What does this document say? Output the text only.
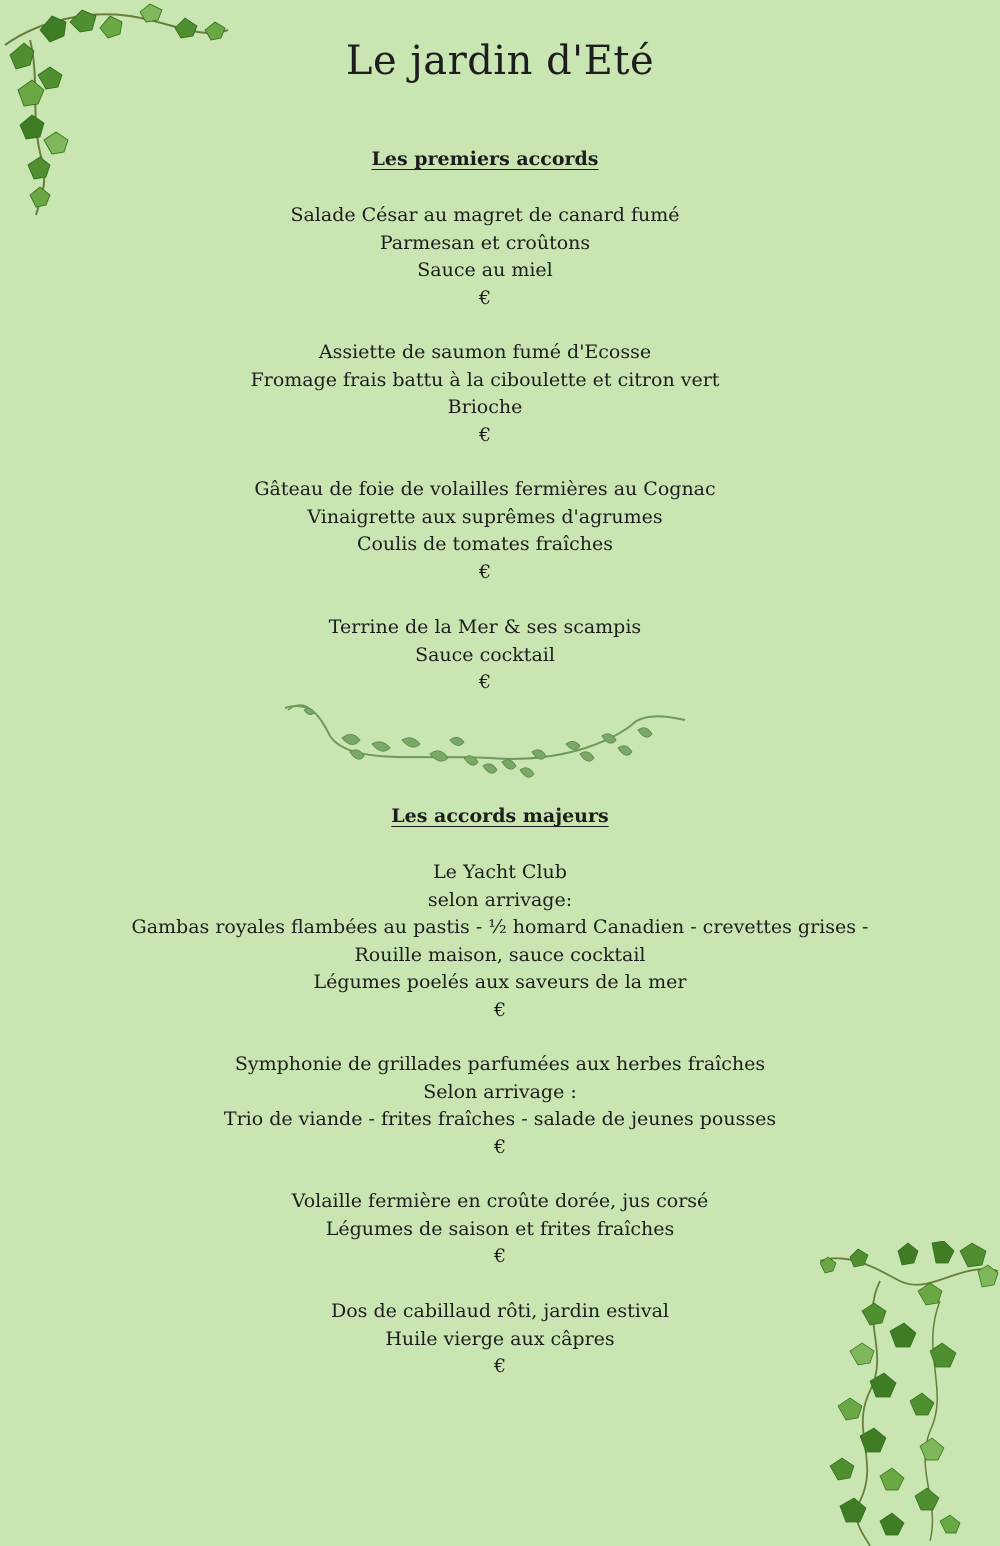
Le jardin d'Eté
Les premiers accords
Salade César au magret de canard fumé
Parmesan et croûtons
Sauce au miel
€
Assiette de saumon fumé d'Ecosse
Fromage frais battu à la ciboulette et citron vert
Brioche
€
Gâteau de foie de volailles fermières au Cognac
Vinaigrette aux suprêmes d'agrumes
Coulis de tomates fraîches
€
Terrine de la Mer & ses scampis
Sauce cocktail
€
Les accords majeurs
Le Yacht Club
selon arrivage:
Gambas royales flambées au pastis - ½ homard Canadien - crevettes grises -
Rouille maison, sauce cocktail
Légumes poelés aux saveurs de la mer
€
Symphonie de grillades parfumées aux herbes fraîches
Selon arrivage :
Trio de viande - frites fraîches - salade de jeunes pousses
€
Volaille fermière en croûte dorée, jus corsé
Légumes de saison et frites fraîches
€
Dos de cabillaud rôti, jardin estival
Huile vierge aux câpres
€
